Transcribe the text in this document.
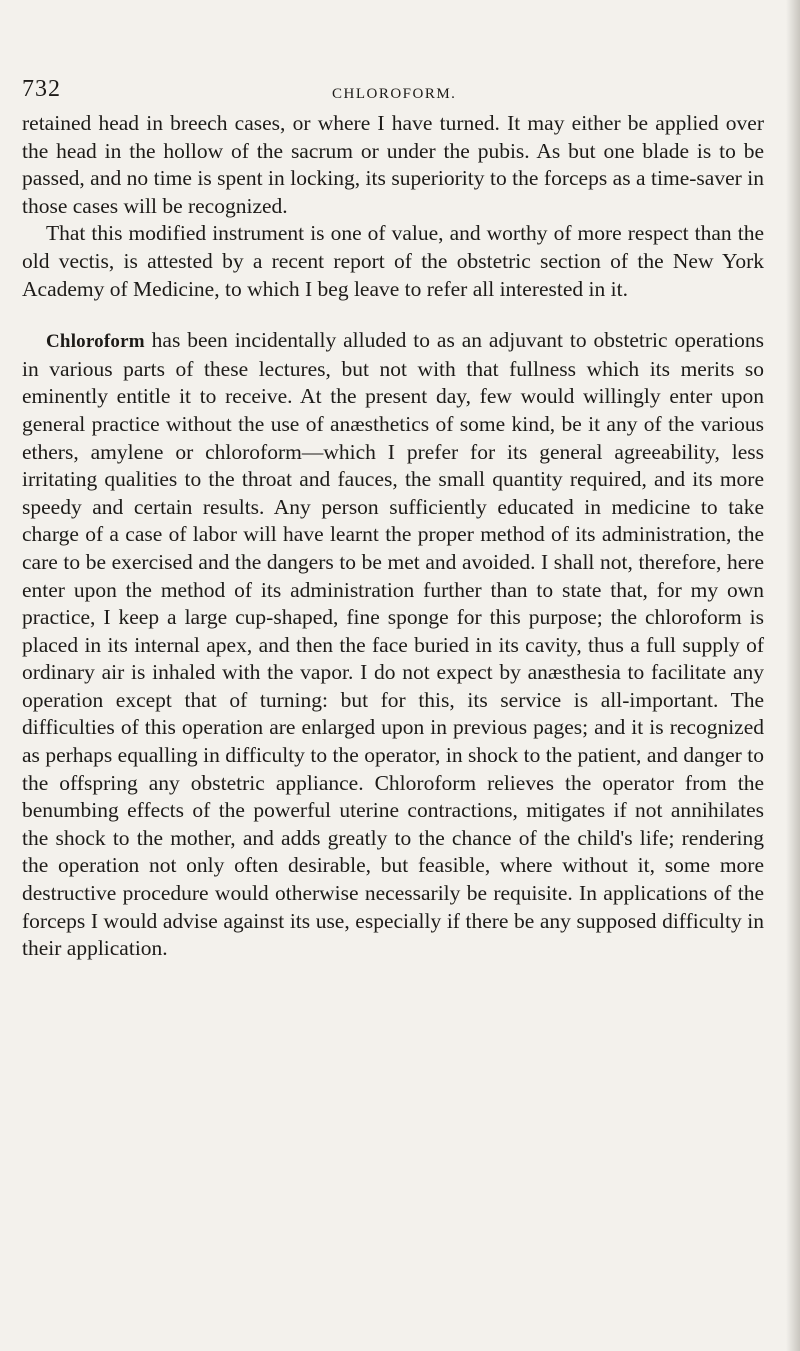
732	CHLOROFORM.

retained head in breech cases, or where I have turned. It may either be applied over the head in the hollow of the sacrum or under the pubis. As but one blade is to be passed, and no time is spent in locking, its superiority to the forceps as a time-saver in those cases will be recognized.

That this modified instrument is one of value, and worthy of more respect than the old vectis, is attested by a recent report of the obstetric section of the New York Academy of Medicine, to which I beg leave to refer all interested in it.

Chloroform has been incidentally alluded to as an adjuvant to obstetric operations in various parts of these lectures, but not with that fullness which its merits so eminently entitle it to receive. At the present day, few would willingly enter upon general practice without the use of anæsthetics of some kind, be it any of the various ethers, amylene or chloroform—which I prefer for its general agreeability, less irritating qualities to the throat and fauces, the small quantity required, and its more speedy and certain results. Any person sufficiently educated in medicine to take charge of a case of labor will have learnt the proper method of its administration, the care to be exercised and the dangers to be met and avoided. I shall not, therefore, here enter upon the method of its administration further than to state that, for my own practice, I keep a large cup-shaped, fine sponge for this purpose; the chloroform is placed in its internal apex, and then the face buried in its cavity, thus a full supply of ordinary air is inhaled with the vapor. I do not expect by anæsthesia to facilitate any operation except that of turning: but for this, its service is all-important. The difficulties of this operation are enlarged upon in previous pages; and it is recognized as perhaps equalling in difficulty to the operator, in shock to the patient, and danger to the offspring any obstetric appliance. Chloroform relieves the operator from the benumbing effects of the powerful uterine contractions, mitigates if not annihilates the shock to the mother, and adds greatly to the chance of the child's life; rendering the operation not only often desirable, but feasible, where without it, some more destructive procedure would otherwise necessarily be requisite. In applications of the forceps I would advise against its use, especially if there be any supposed difficulty in their application.
